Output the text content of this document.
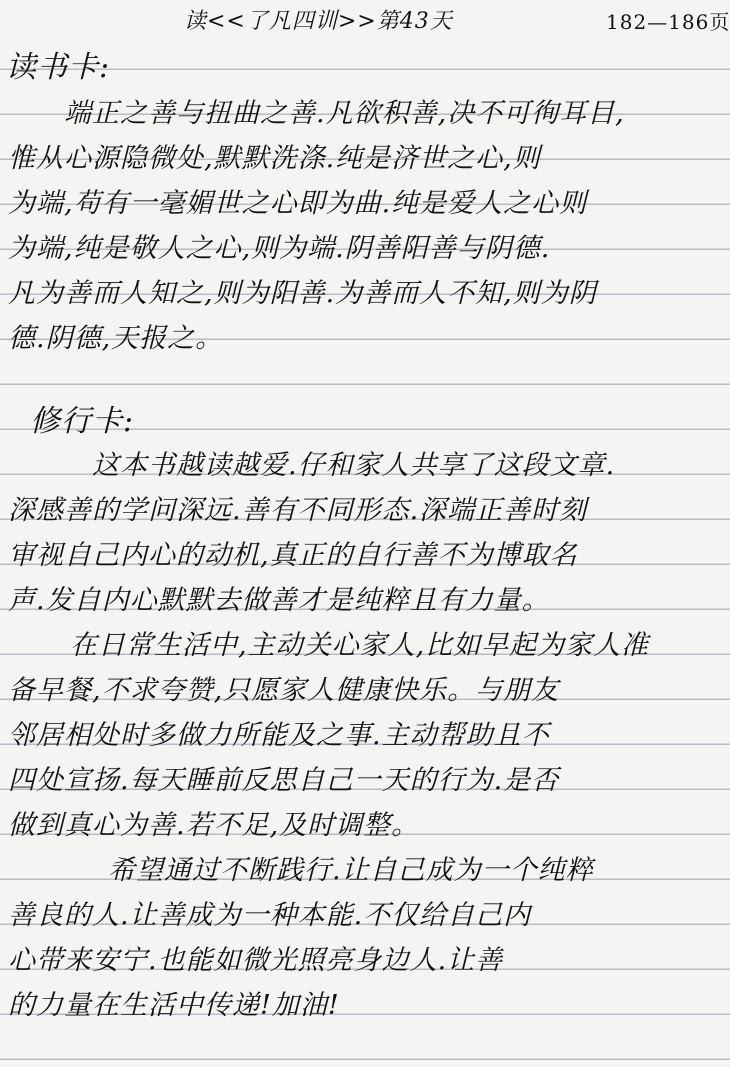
读<<了凡四训>>第43天	182—186页
读书卡:
端正之善与扭曲之善.凡欲积善,决不可徇耳目,
惟从心源隐微处,默默洗涤.纯是济世之心,则
为端,苟有一毫媚世之心即为曲.纯是爱人之心则
为端,纯是敬人之心,则为端.阴善阳善与阴德.
凡为善而人知之,则为阳善.为善而人不知,则为阴
德.阴德,天报之。
修行卡:
这本书越读越爱.仔和家人共享了这段文章.
深感善的学问深远.善有不同形态.深端正善时刻
审视自己内心的动机,真正的自行善不为博取名
声.发自内心默默去做善才是纯粹且有力量。
在日常生活中,主动关心家人,比如早起为家人准
备早餐,不求夸赞,只愿家人健康快乐。与朋友
邻居相处时多做力所能及之事.主动帮助且不
四处宣扬.每天睡前反思自己一天的行为.是否
做到真心为善.若不足,及时调整。
希望通过不断践行.让自己成为一个纯粹
善良的人.让善成为一种本能.不仅给自己内
心带来安宁.也能如微光照亮身边人.让善
的力量在生活中传递!加油!
